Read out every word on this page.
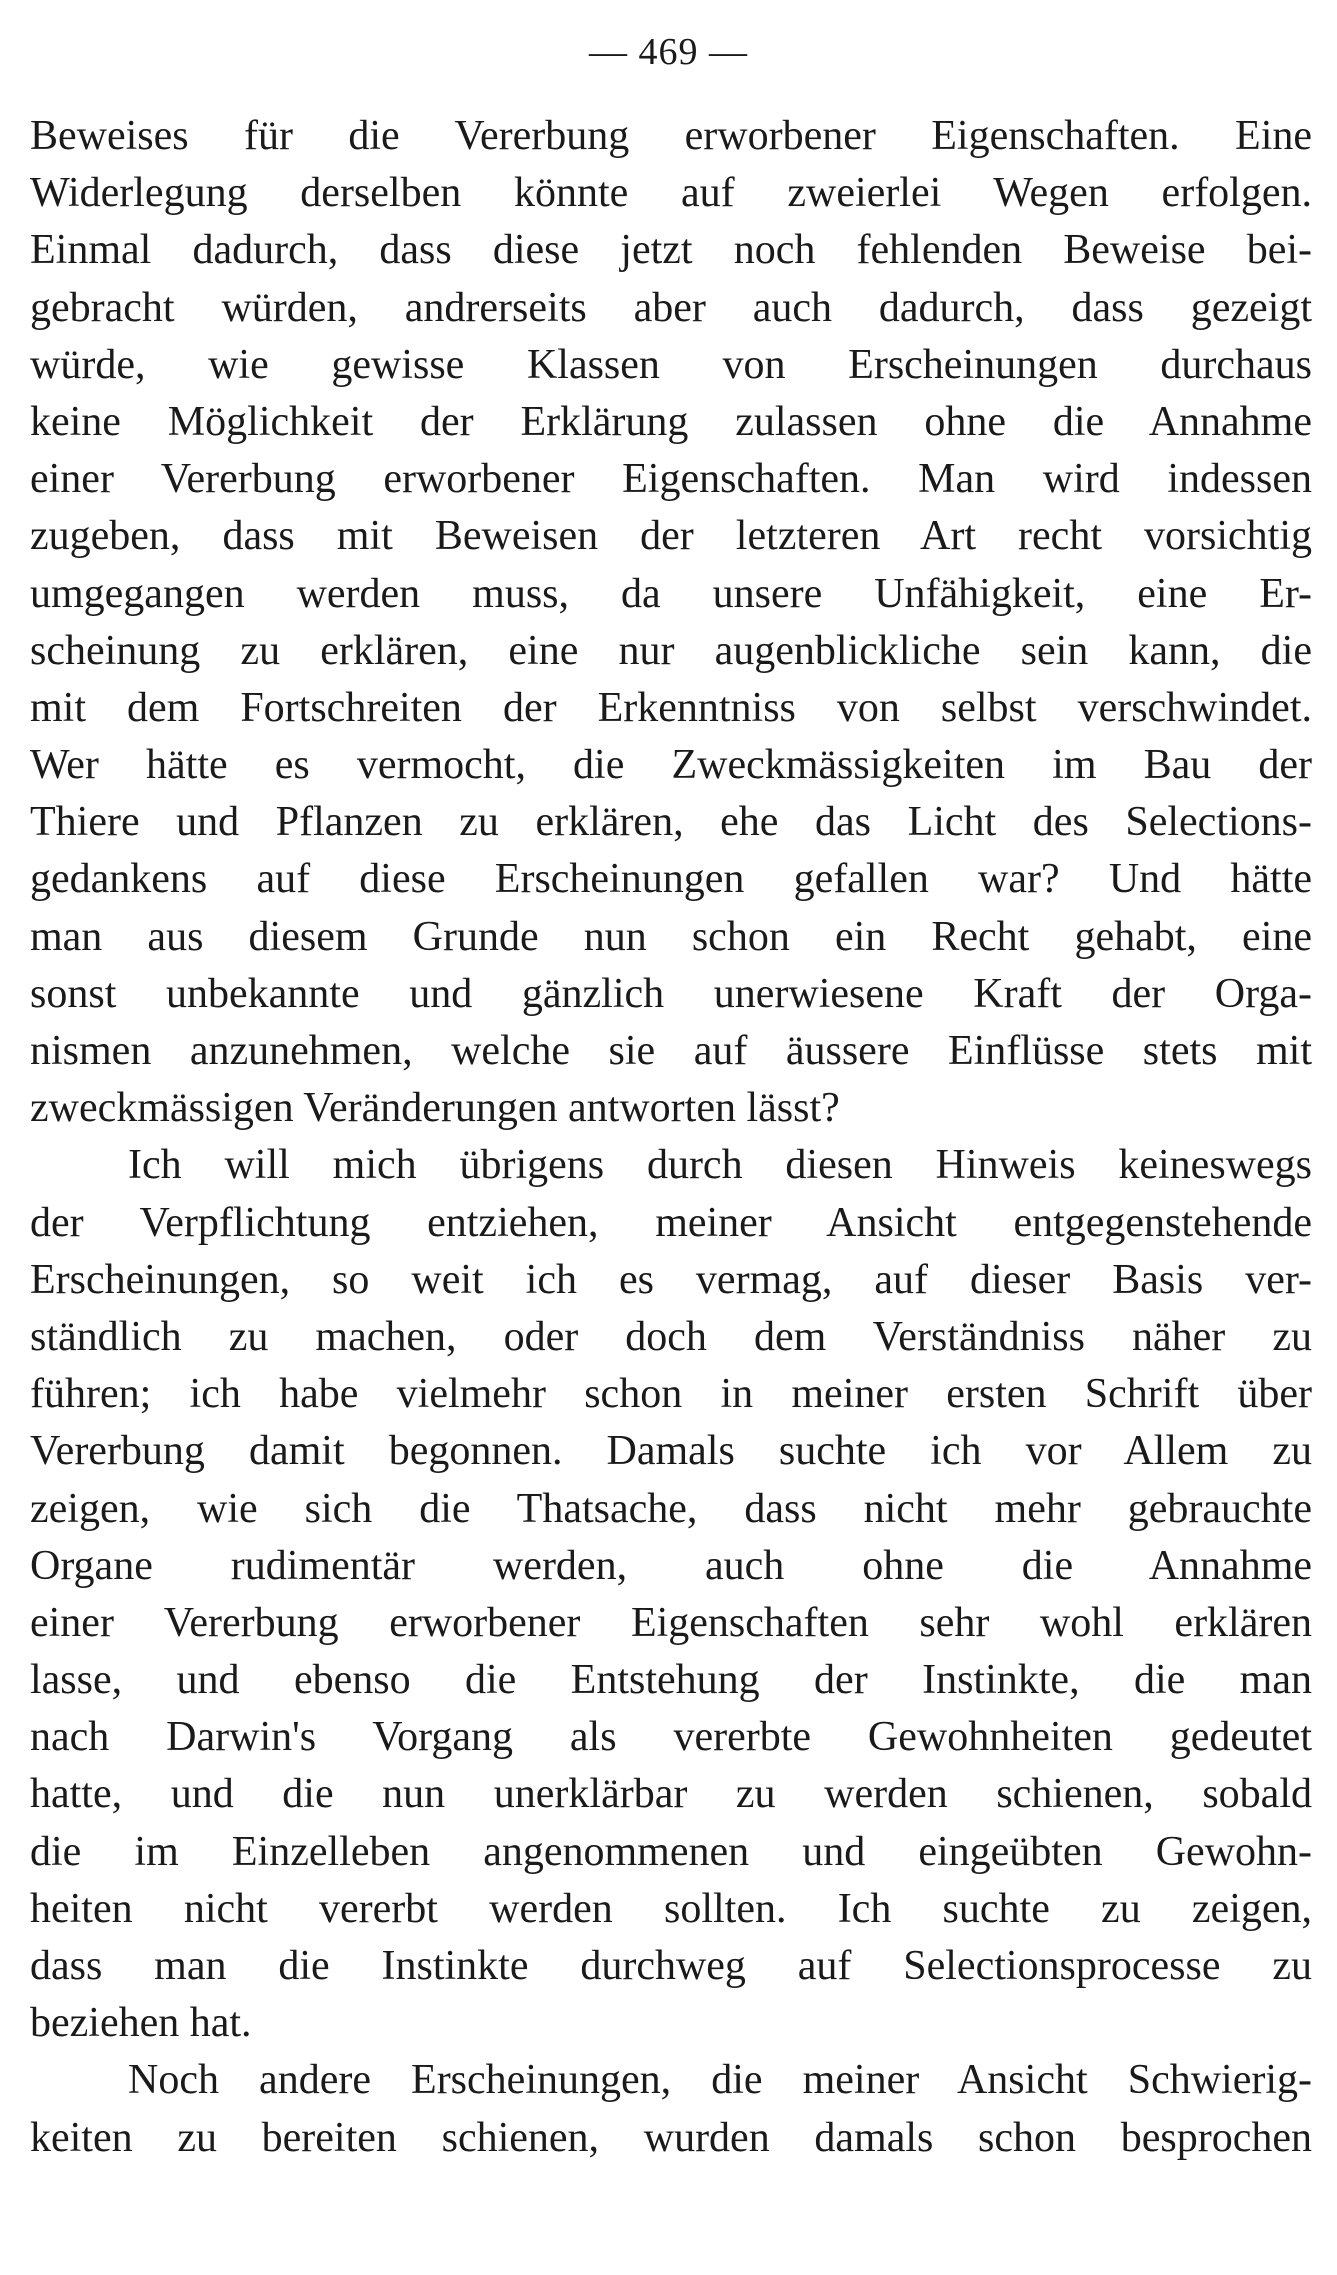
— 469 —
Beweises für die Vererbung erworbener Eigenschaften. Eine
Widerlegung derselben könnte auf zweierlei Wegen erfolgen.
Einmal dadurch, dass diese jetzt noch fehlenden Beweise bei-
gebracht würden, andrerseits aber auch dadurch, dass gezeigt
würde, wie gewisse Klassen von Erscheinungen durchaus
keine Möglichkeit der Erklärung zulassen ohne die Annahme
einer Vererbung erworbener Eigenschaften. Man wird indessen
zugeben, dass mit Beweisen der letzteren Art recht vorsichtig
umgegangen werden muss, da unsere Unfähigkeit, eine Er-
scheinung zu erklären, eine nur augenblickliche sein kann, die
mit dem Fortschreiten der Erkenntniss von selbst verschwindet.
Wer hätte es vermocht, die Zweckmässigkeiten im Bau der
Thiere und Pflanzen zu erklären, ehe das Licht des Selections-
gedankens auf diese Erscheinungen gefallen war? Und hätte
man aus diesem Grunde nun schon ein Recht gehabt, eine
sonst unbekannte und gänzlich unerwiesene Kraft der Orga-
nismen anzunehmen, welche sie auf äussere Einflüsse stets mit
zweckmässigen Veränderungen antworten lässt?
Ich will mich übrigens durch diesen Hinweis keineswegs
der Verpflichtung entziehen, meiner Ansicht entgegenstehende
Erscheinungen, so weit ich es vermag, auf dieser Basis ver-
ständlich zu machen, oder doch dem Verständniss näher zu
führen; ich habe vielmehr schon in meiner ersten Schrift über
Vererbung damit begonnen. Damals suchte ich vor Allem zu
zeigen, wie sich die Thatsache, dass nicht mehr gebrauchte
Organe rudimentär werden, auch ohne die Annahme
einer Vererbung erworbener Eigenschaften sehr wohl erklären
lasse, und ebenso die Entstehung der Instinkte, die man
nach Darwin's Vorgang als vererbte Gewohnheiten gedeutet
hatte, und die nun unerklärbar zu werden schienen, sobald
die im Einzelleben angenommenen und eingeübten Gewohn-
heiten nicht vererbt werden sollten. Ich suchte zu zeigen,
dass man die Instinkte durchweg auf Selectionsprocesse zu
beziehen hat.
Noch andere Erscheinungen, die meiner Ansicht Schwierig-
keiten zu bereiten schienen, wurden damals schon besprochen
